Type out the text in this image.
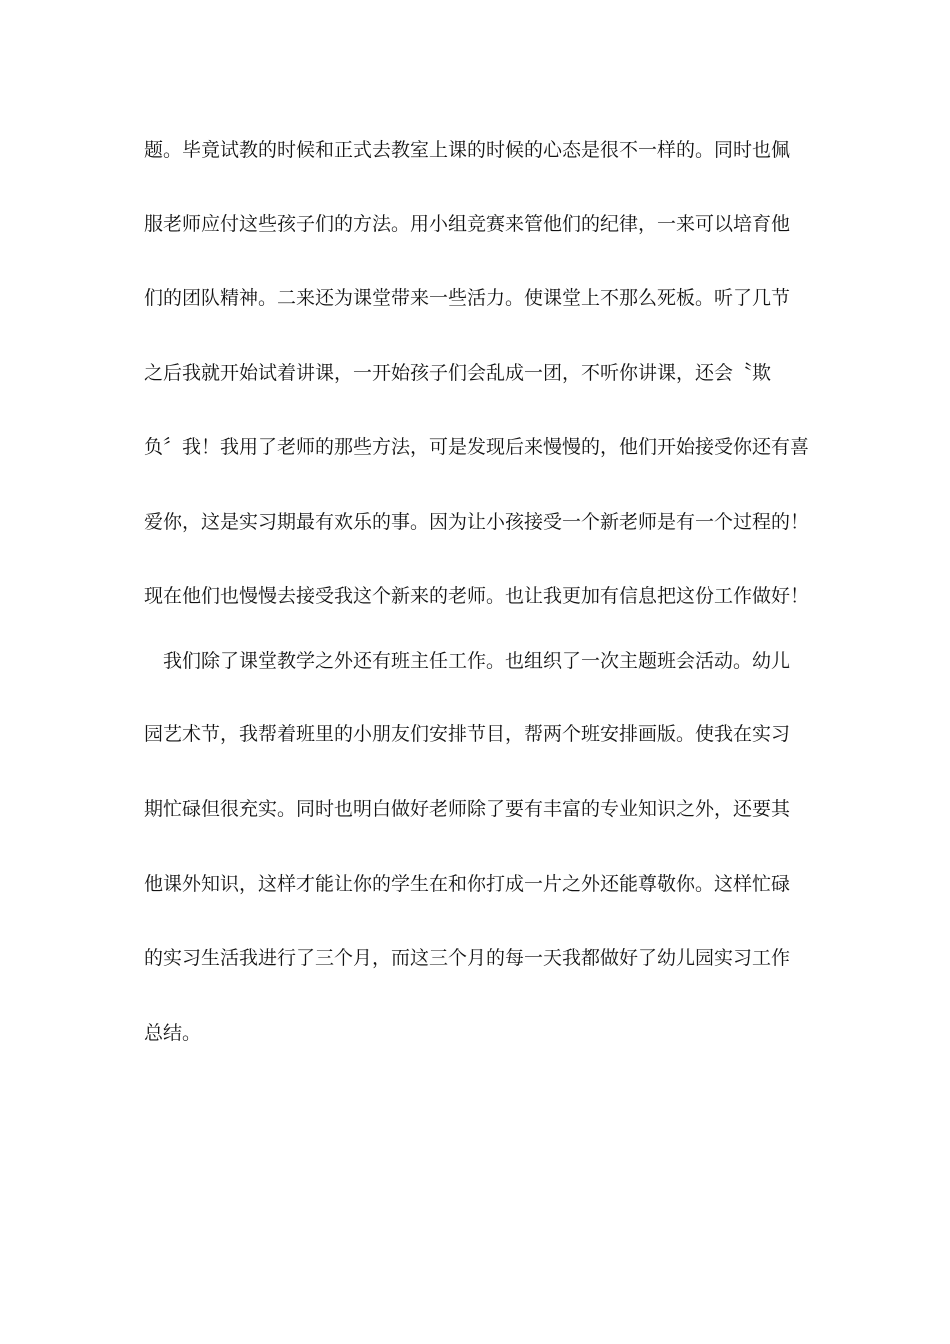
题。毕竟试教的时候和正式去教室上课的时候的心态是很不一样的。同时也佩
服老师应付这些孩子们的方法。用小组竞赛来管他们的纪律，一来可以培育他
们的团队精神。二来还为课堂带来一些活力。使课堂上不那么死板。听了几节
之后我就开始试着讲课，一开始孩子们会乱成一团，不听你讲课，还会〝欺
负〞我！我用了老师的那些方法，可是发现后来慢慢的，他们开始接受你还有喜
爱你，这是实习期最有欢乐的事。因为让小孩接受一个新老师是有一个过程的！
现在他们也慢慢去接受我这个新来的老师。也让我更加有信息把这份工作做好！
我们除了课堂教学之外还有班主任工作。也组织了一次主题班会活动。幼儿
园艺术节，我帮着班里的小朋友们安排节目，帮两个班安排画版。使我在实习
期忙碌但很充实。同时也明白做好老师除了要有丰富的专业知识之外，还要其
他课外知识，这样才能让你的学生在和你打成一片之外还能尊敬你。这样忙碌
的实习生活我进行了三个月，而这三个月的每一天我都做好了幼儿园实习工作
总结。
